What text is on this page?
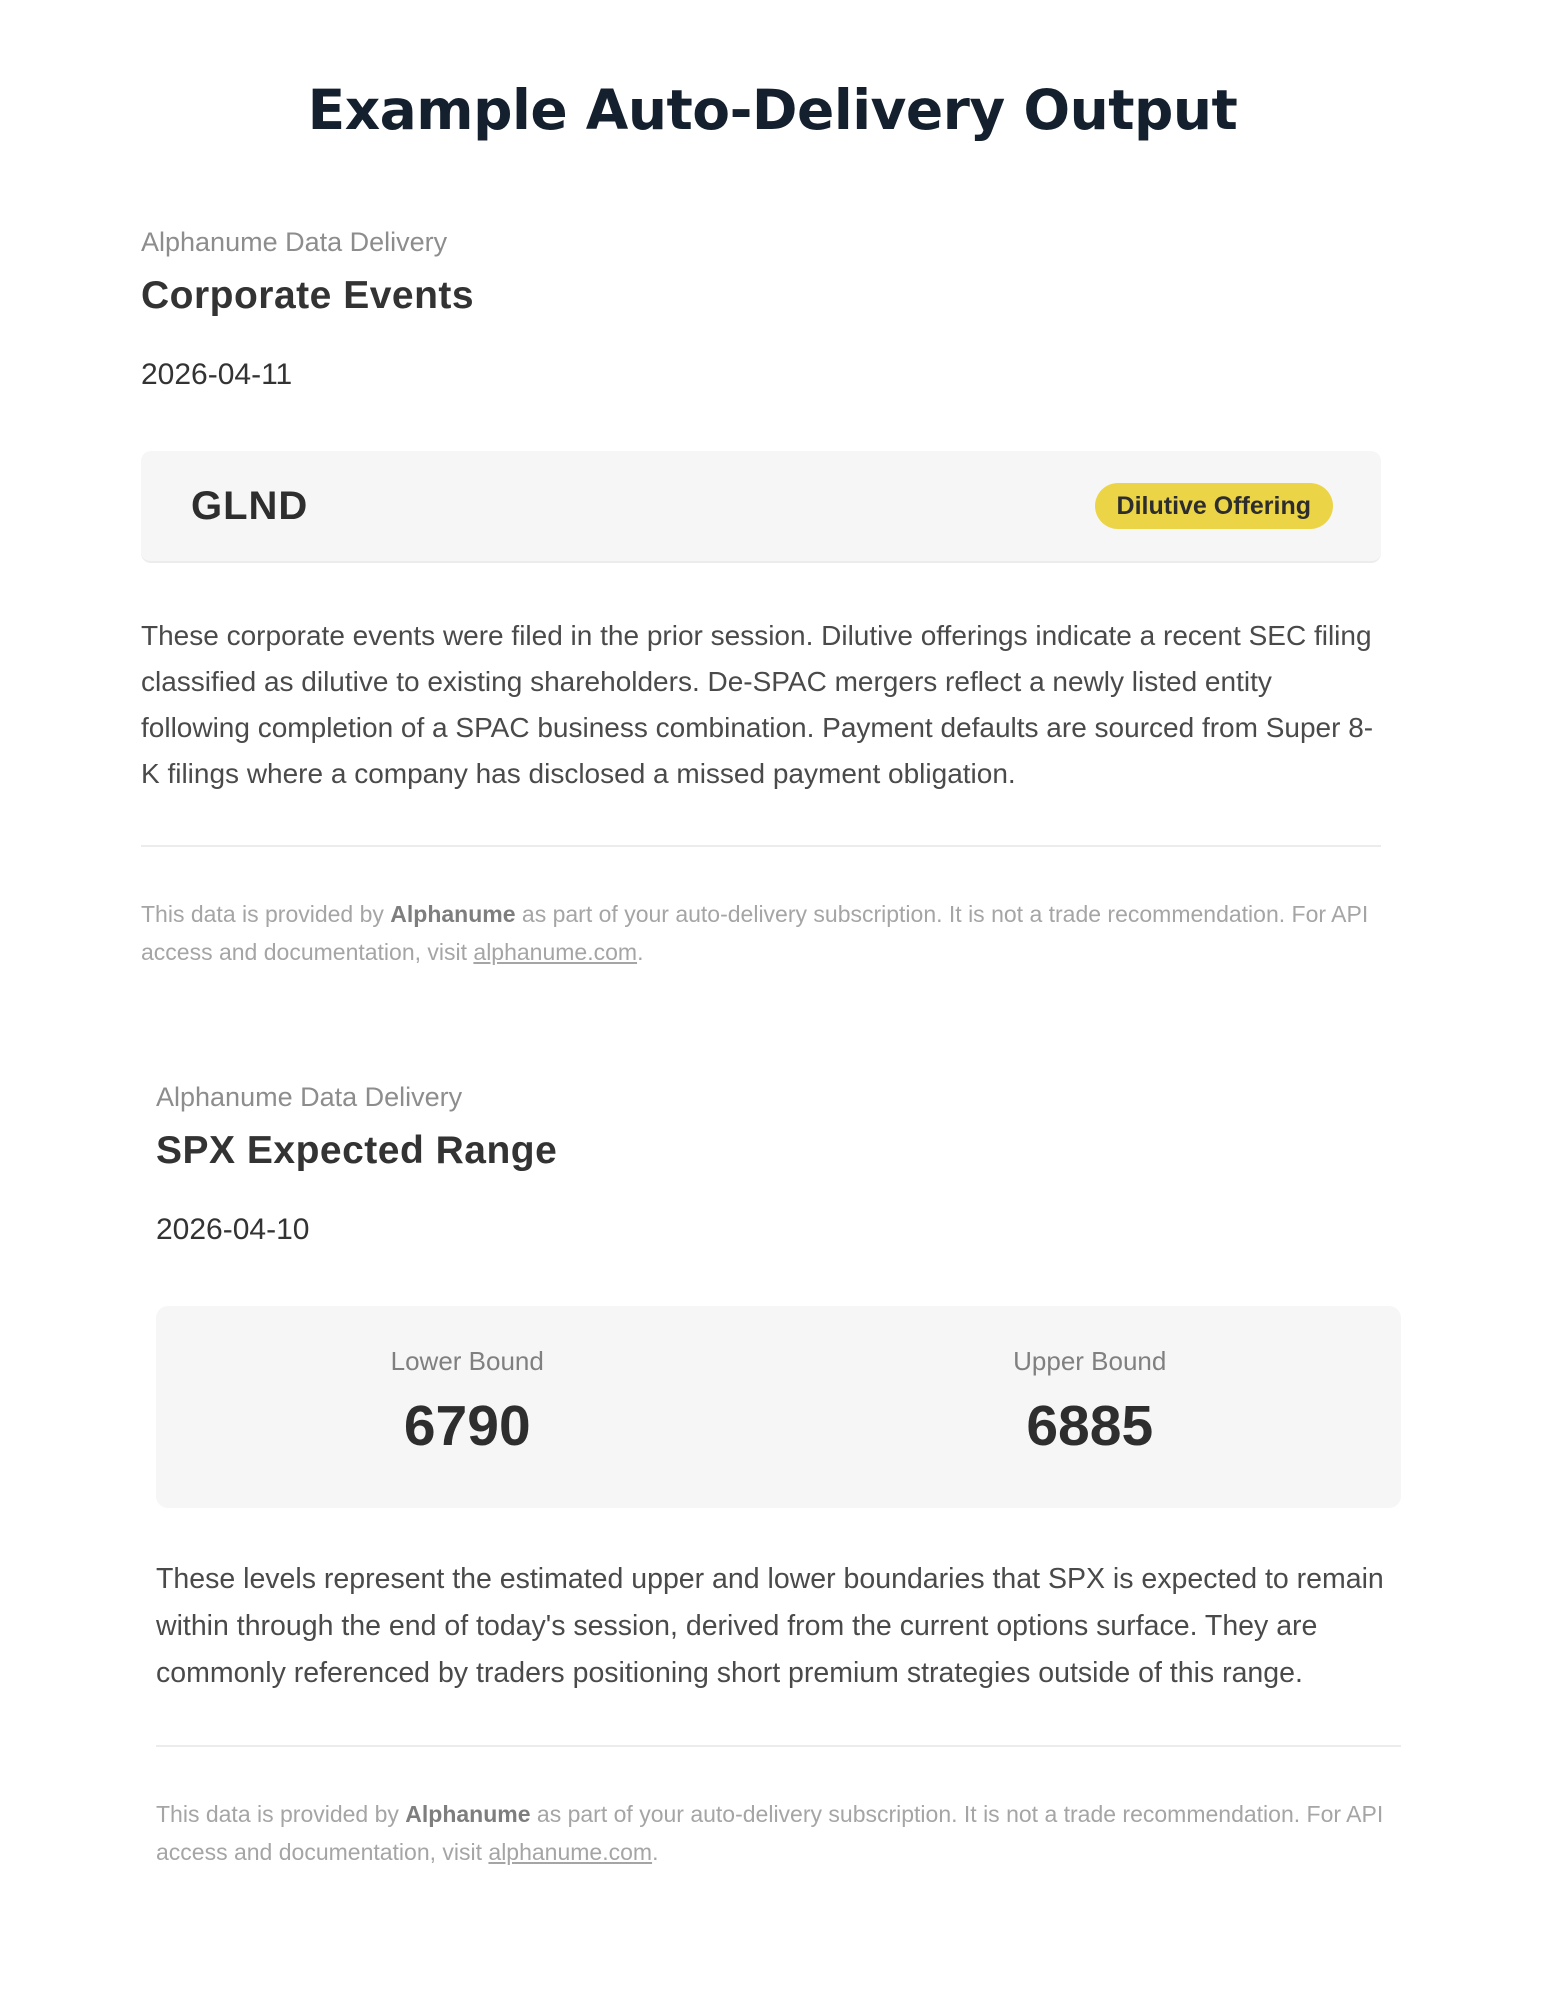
Example Auto-Delivery Output

Alphanume Data Delivery

Corporate Events

2026-04-11

GLND	Dilutive Offering

These corporate events were filed in the prior session. Dilutive offerings indicate a recent SEC filing classified as dilutive to existing shareholders. De-SPAC mergers reflect a newly listed entity following completion of a SPAC business combination. Payment defaults are sourced from Super 8-K filings where a company has disclosed a missed payment obligation.

This data is provided by Alphanume as part of your auto-delivery subscription. It is not a trade recommendation. For API access and documentation, visit alphanume.com.

Alphanume Data Delivery

SPX Expected Range

2026-04-10

Lower Bound
6790
Upper Bound
6885

These levels represent the estimated upper and lower boundaries that SPX is expected to remain within through the end of today's session, derived from the current options surface. They are commonly referenced by traders positioning short premium strategies outside of this range.

This data is provided by Alphanume as part of your auto-delivery subscription. It is not a trade recommendation. For API access and documentation, visit alphanume.com.
